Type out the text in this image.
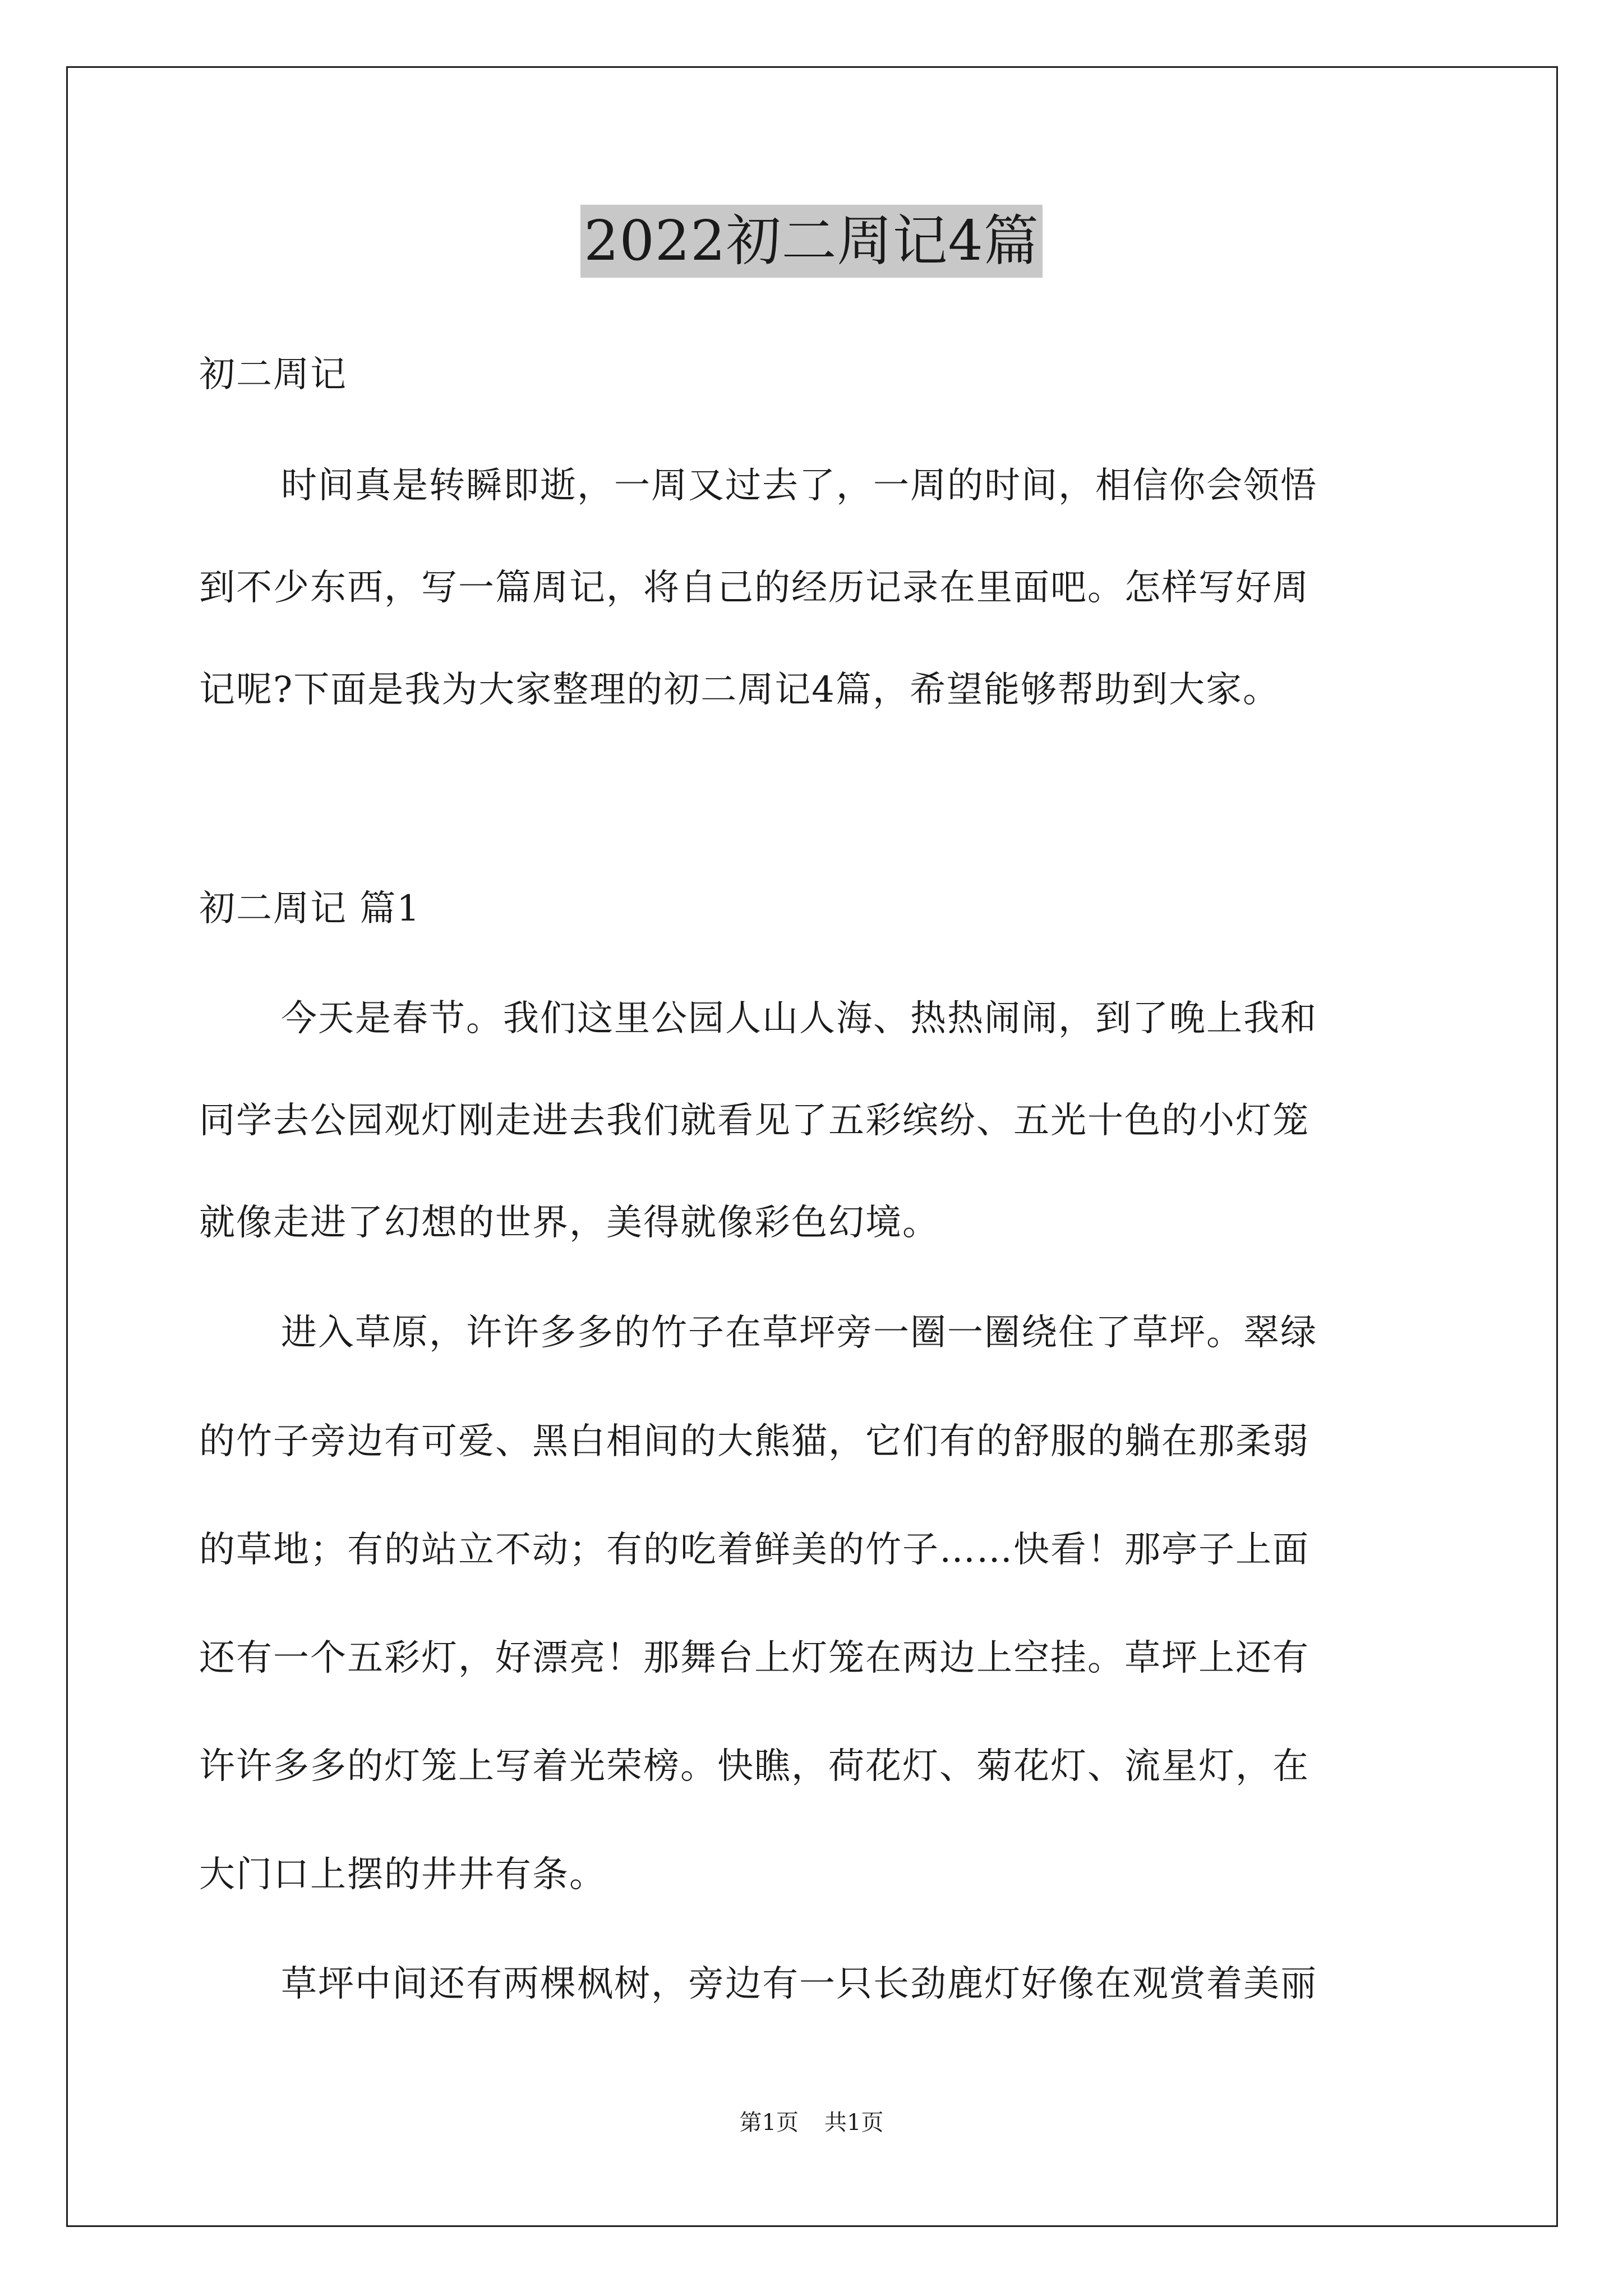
2022初二周记4篇
初二周记
时间真是转瞬即逝，一周又过去了，一周的时间，相信你会领悟
到不少东西，写一篇周记，将自己的经历记录在里面吧。怎样写好周
记呢?下面是我为大家整理的初二周记4篇，希望能够帮助到大家。
初二周记 篇1
今天是春节。我们这里公园人山人海、热热闹闹，到了晚上我和
同学去公园观灯刚走进去我们就看见了五彩缤纷、五光十色的小灯笼
就像走进了幻想的世界，美得就像彩色幻境。
进入草原，许许多多的竹子在草坪旁一圈一圈绕住了草坪。翠绿
的竹子旁边有可爱、黑白相间的大熊猫，它们有的舒服的躺在那柔弱
的草地；有的站立不动；有的吃着鲜美的竹子……快看！那亭子上面
还有一个五彩灯，好漂亮！那舞台上灯笼在两边上空挂。草坪上还有
许许多多的灯笼上写着光荣榜。快瞧，荷花灯、菊花灯、流星灯，在
大门口上摆的井井有条。
草坪中间还有两棵枫树，旁边有一只长劲鹿灯好像在观赏着美丽
第1页 共1页
